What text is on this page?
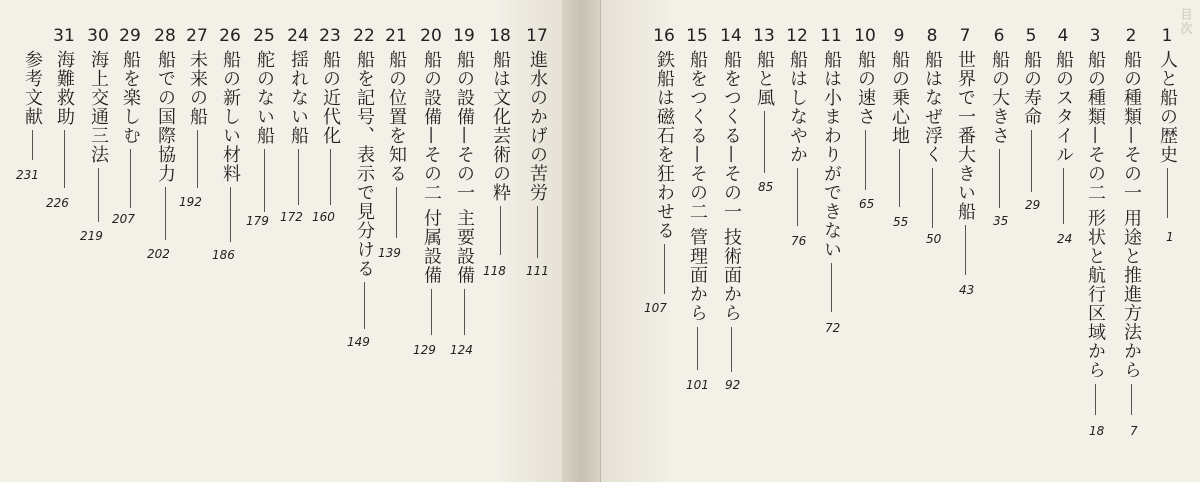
17
進水のかげの苦労
111
18
船は文化芸術の粋
118
19
船の設備—その一 主要設備
124
20
船の設備—その二 付属設備
129
21
船の位置を知る
139
22
船を記号、表示で見分ける
149
23
船の近代化
160
24
揺れない船
172
25
舵のない船
179
26
船の新しい材料
186
27
未来の船
192
28
船での国際協力
202
29
船を楽しむ
207
30
海上交通三法
219
31
海難救助
226
参考文献
231
目次
1
人と船の歴史
1
2
船の種類—その一 用途と推進方法から
7
3
船の種類—その二 形状と航行区域から
18
4
船のスタイル
24
5
船の寿命
29
6
船の大きさ
35
7
世界で一番大きい船
43
8
船はなぜ浮く
50
9
船の乗心地
55
10
船の速さ
65
11
船は小まわりができない
72
12
船はしなやか
76
13
船と風
85
14
船をつくる—その一 技術面から
92
15
船をつくる—その二 管理面から
101
16
鉄船は磁石を狂わせる
107
